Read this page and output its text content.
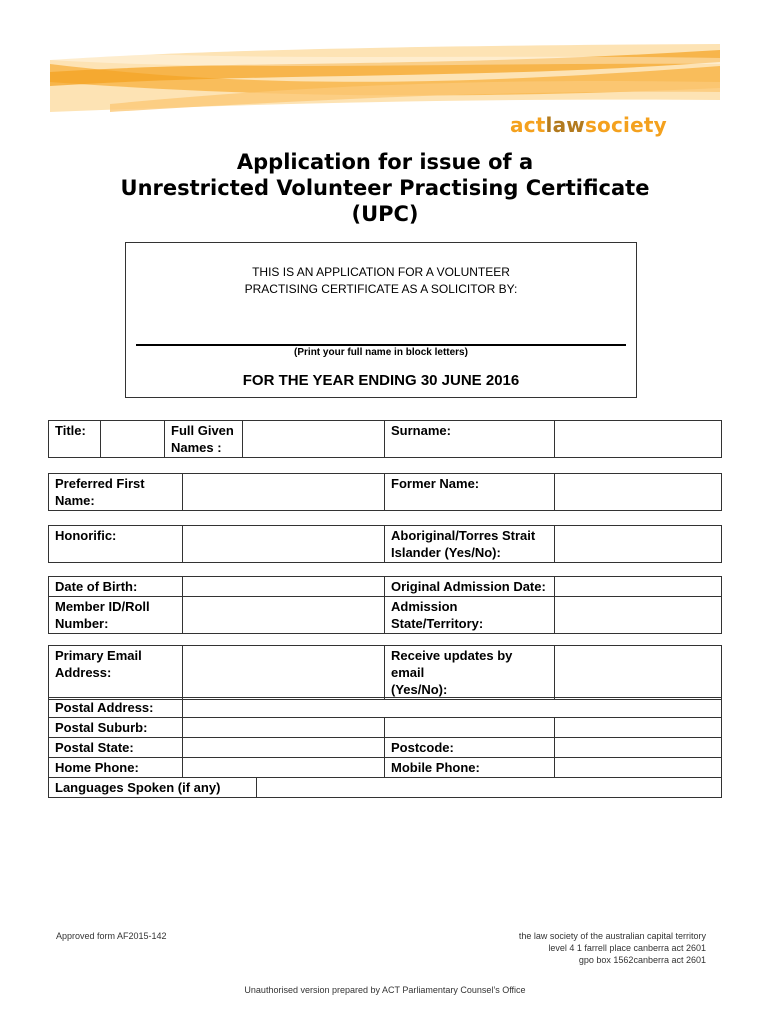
actlawsociety
Application for issue of a
Unrestricted Volunteer Practising Certificate
(UPC)
THIS IS AN APPLICATION FOR A VOLUNTEER
PRACTISING CERTIFICATE AS A SOLICITOR BY:
(Print your full name in block letters)
FOR THE YEAR ENDING 30 JUNE 2016
Title:		Full Given
Names :		Surname:	
Preferred First
Name:		Former Name:	
Honorific:		Aboriginal/Torres Strait
Islander (Yes/No):	
Date of Birth:		Original Admission Date:	
Member ID/Roll
Number:		Admission State/Territory:	
Primary Email
Address:		Receive updates by email
(Yes/No):	
Postal Address:				
Postal Suburb:				
Postal State:			Postcode:	
Home Phone:			Mobile Phone:	
Languages Spoken (if any)				
Approved form AF2015-142	the law society of the australian capital territory
level 4 1 farrell place canberra act 2601
gpo box 1562canberra act 2601
Unauthorised version prepared by ACT Parliamentary Counsel’s Office
